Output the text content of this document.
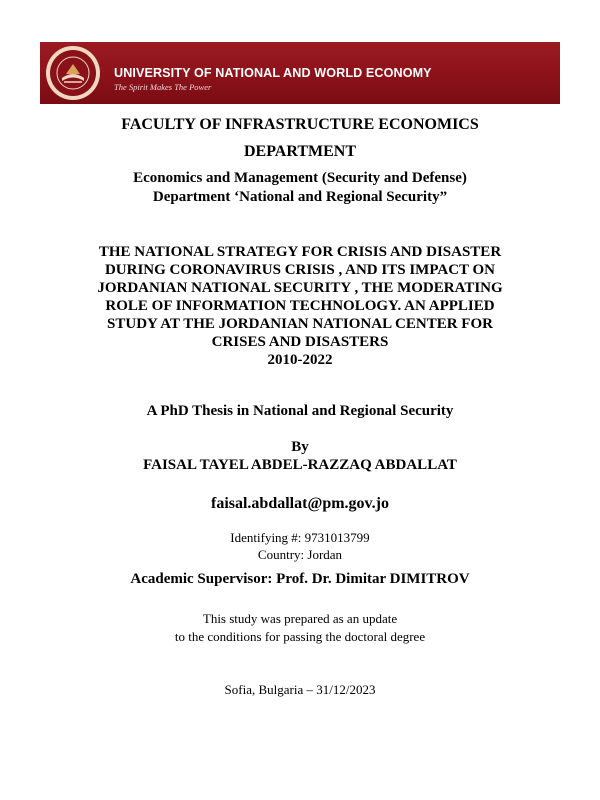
UNIVERSITY OF NATIONAL AND WORLD ECONOMY
The Spirit Makes The Power
FACULTY OF INFRASTRUCTURE ECONOMICS
DEPARTMENT
Economics and Management (Security and Defense)
Department ‘National and Regional Security”
THE NATIONAL STRATEGY FOR CRISIS AND DISASTER
DURING CORONAVIRUS CRISIS , AND ITS IMPACT ON
JORDANIAN NATIONAL SECURITY , THE MODERATING
ROLE OF INFORMATION TECHNOLOGY. AN APPLIED
STUDY AT THE JORDANIAN NATIONAL CENTER FOR
CRISES AND DISASTERS
2010-2022
A PhD Thesis in National and Regional Security
By
FAISAL TAYEL ABDEL-RAZZAQ ABDALLAT
faisal.abdallat@pm.gov.jo
Identifying #: 9731013799
Country: Jordan
Academic Supervisor: Prof. Dr. Dimitar DIMITROV
This study was prepared as an update
to the conditions for passing the doctoral degree
Sofia, Bulgaria – 31/12/2023
